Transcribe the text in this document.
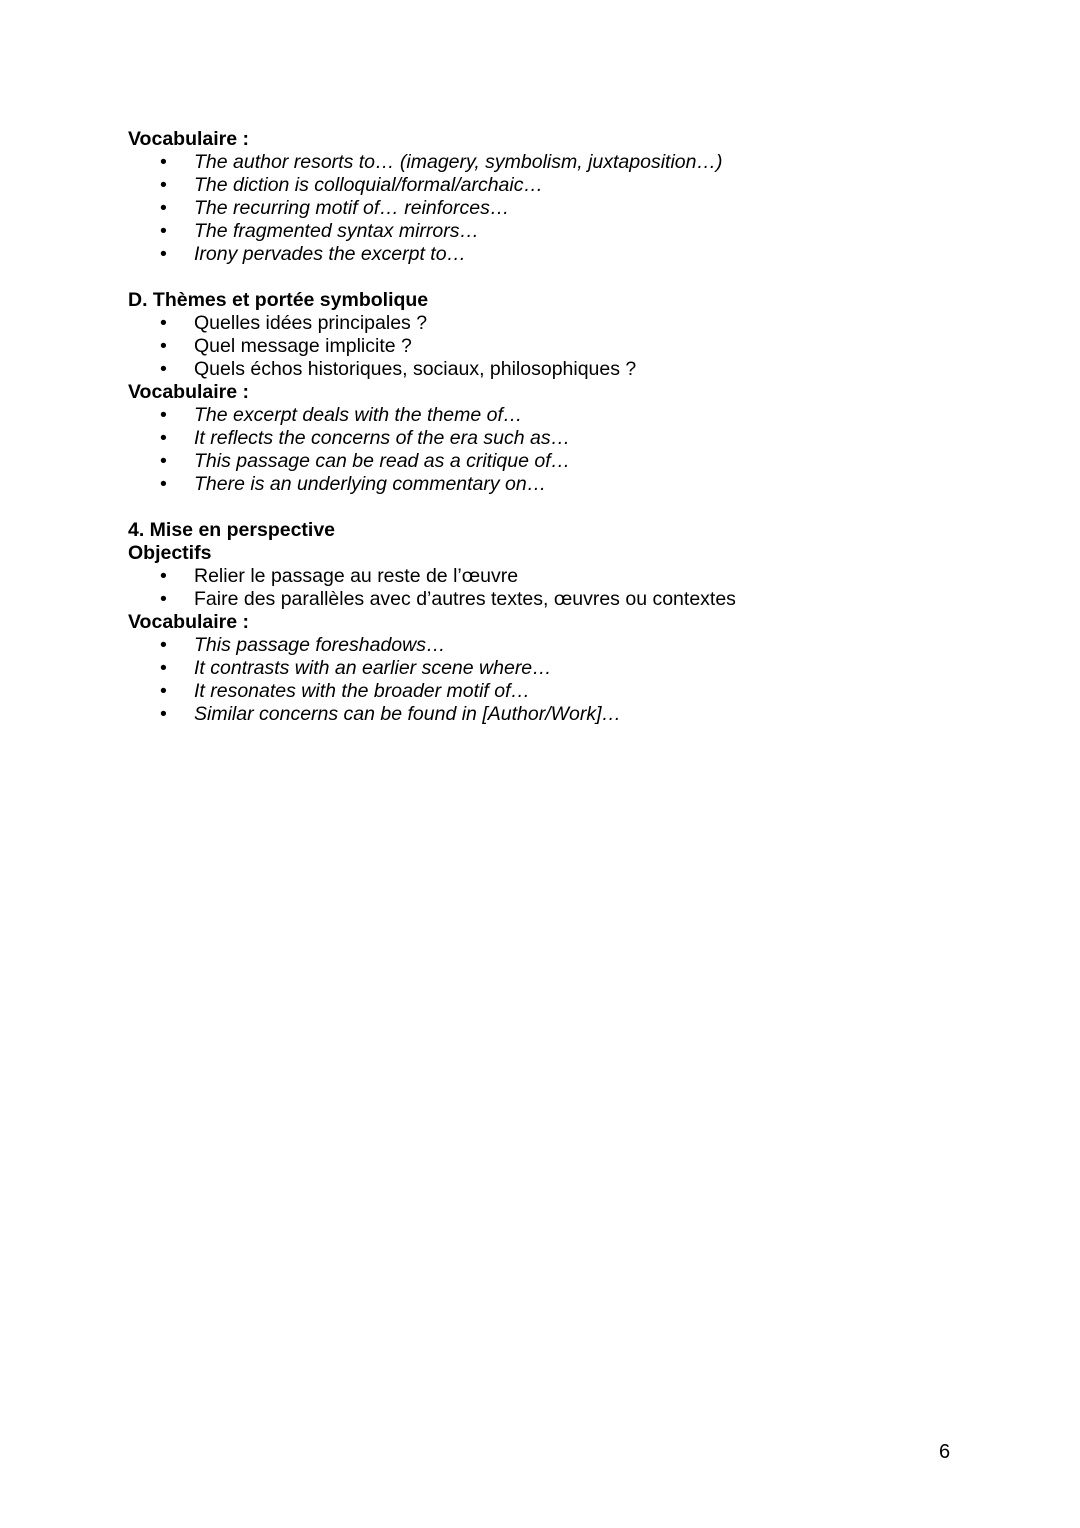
Vocabulaire :

• The author resorts to… (imagery, symbolism, juxtaposition…)
• The diction is colloquial/formal/archaic…
• The recurring motif of… reinforces…
• The fragmented syntax mirrors…
• Irony pervades the excerpt to…

D. Thèmes et portée symbolique

• Quelles idées principales ?
• Quel message implicite ?
• Quels échos historiques, sociaux, philosophiques ?

Vocabulaire :

• The excerpt deals with the theme of…
• It reflects the concerns of the era such as…
• This passage can be read as a critique of…
• There is an underlying commentary on…

4. Mise en perspective

Objectifs

• Relier le passage au reste de l’œuvre
• Faire des parallèles avec d’autres textes, œuvres ou contextes

Vocabulaire :

• This passage foreshadows…
• It contrasts with an earlier scene where…
• It resonates with the broader motif of…
• Similar concerns can be found in [Author/Work]…
6
